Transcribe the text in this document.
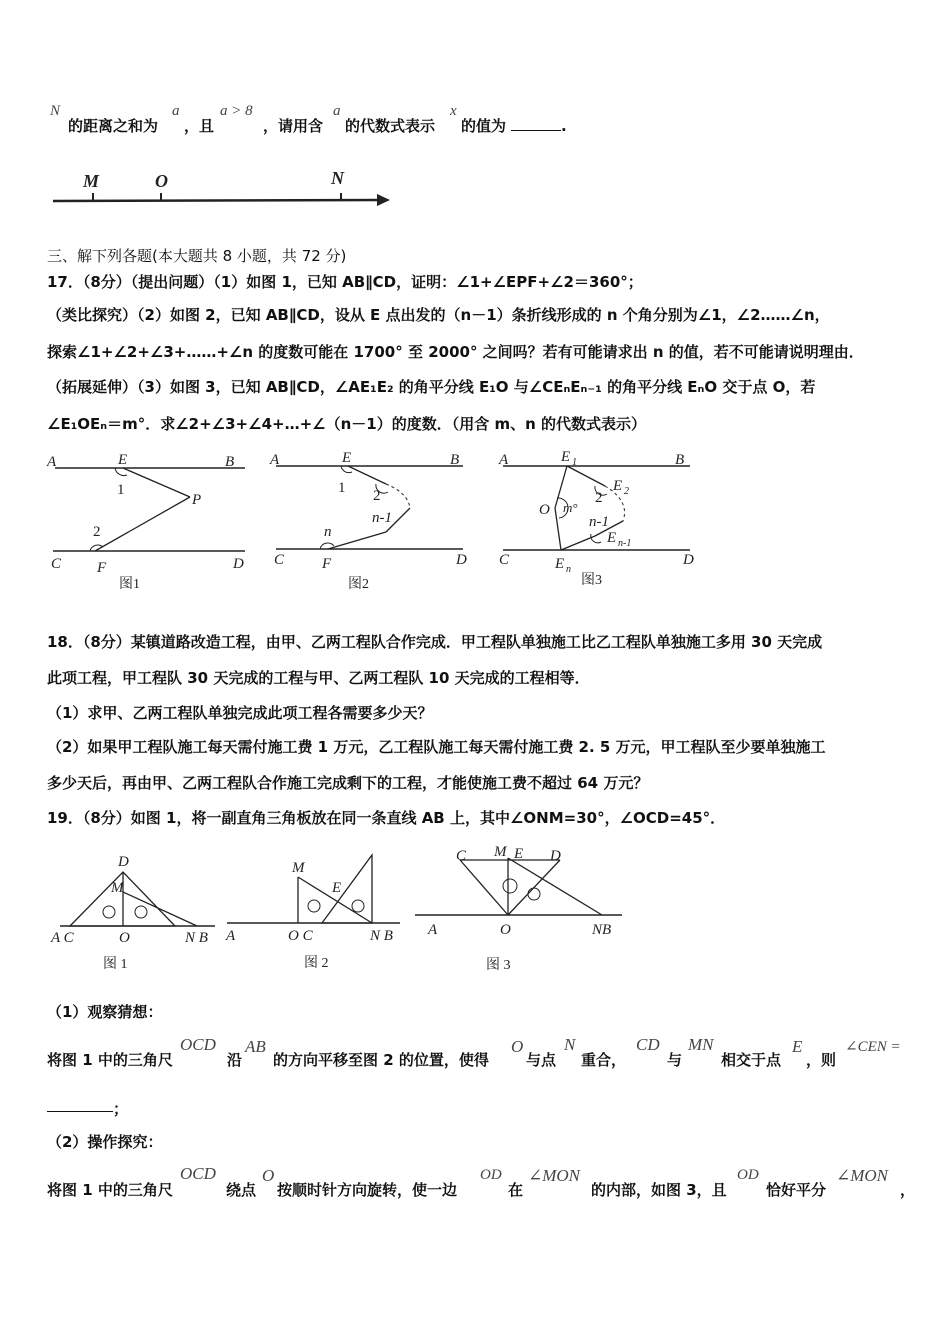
N
的距离之和为
a
，且
a > 8
，请用含
a
的代数式表示
x
的值为	.
M	O	N
三、解下列各题(本大题共 8 小题，共 72 分)
17．（8分）（提出问题）（1）如图 1，已知 AB∥CD，证明：∠1+∠EPF+∠2＝360°；
（类比探究）（2）如图 2，已知 AB∥CD，设从 E 点出发的（n－1）条折线形成的 n 个角分别为∠1，∠2……∠n，
探索∠1+∠2+∠3+……+∠n 的度数可能在 1700° 至 2000° 之间吗？若有可能请求出 n 的值，若不可能请说明理由．
（拓展延伸）（3）如图 3，已知 AB∥CD，∠AE₁E₂ 的角平分线 E₁O 与∠CEₙEₙ₋₁ 的角平分线 EₙO 交于点 O，若
∠E₁OEₙ＝m°．求∠2+∠3+∠4+…+∠（n－1）的度数．（用含 m、n 的代数式表示）
A	E	B
1
P
2
C F	D
图1
A	E	B
1 2
n-1
n
C	F	D
图2
A	E 1	B
O m°
E 2
2
n-1
E n-1
C	E n
D
图3
18．（8分）某镇道路改造工程，由甲、乙两工程队合作完成．甲工程队单独施工比乙工程队单独施工多用 30 天完成
此项工程，甲工程队 30 天完成的工程与甲、乙两工程队 10 天完成的工程相等．
（1）求甲、乙两工程队单独完成此项工程各需要多少天？
（2）如果甲工程队施工每天需付施工费 1 万元，乙工程队施工每天需付施工费 2. 5 万元，甲工程队至少要单独施工
多少天后，再由甲、乙两工程队合作施工完成剩下的工程，才能使施工费不超过 64 万元？
19．（8分）如图 1，将一副直角三角板放在同一条直线 AB 上，其中∠ONM=30°，∠OCD=45°．
D
M
A C	O	N B
图 1
M
E
A	O C	N B
图 2
C M E D
A	O	NB
图 3
（1）观察猜想：
将图 1 中的三角尺
OCD
沿
AB
的方向平移至图 2 的位置，使得
O
与点
N
重合，
CD
与
MN
相交于点
E
，则
∠CEN =
；
（2）操作探究：
将图 1 中的三角尺
OCD
绕点
O
按顺时针方向旋转，使一边
OD
在
∠MON
的内部，如图 3，且
OD
恰好平分
∠MON
，
